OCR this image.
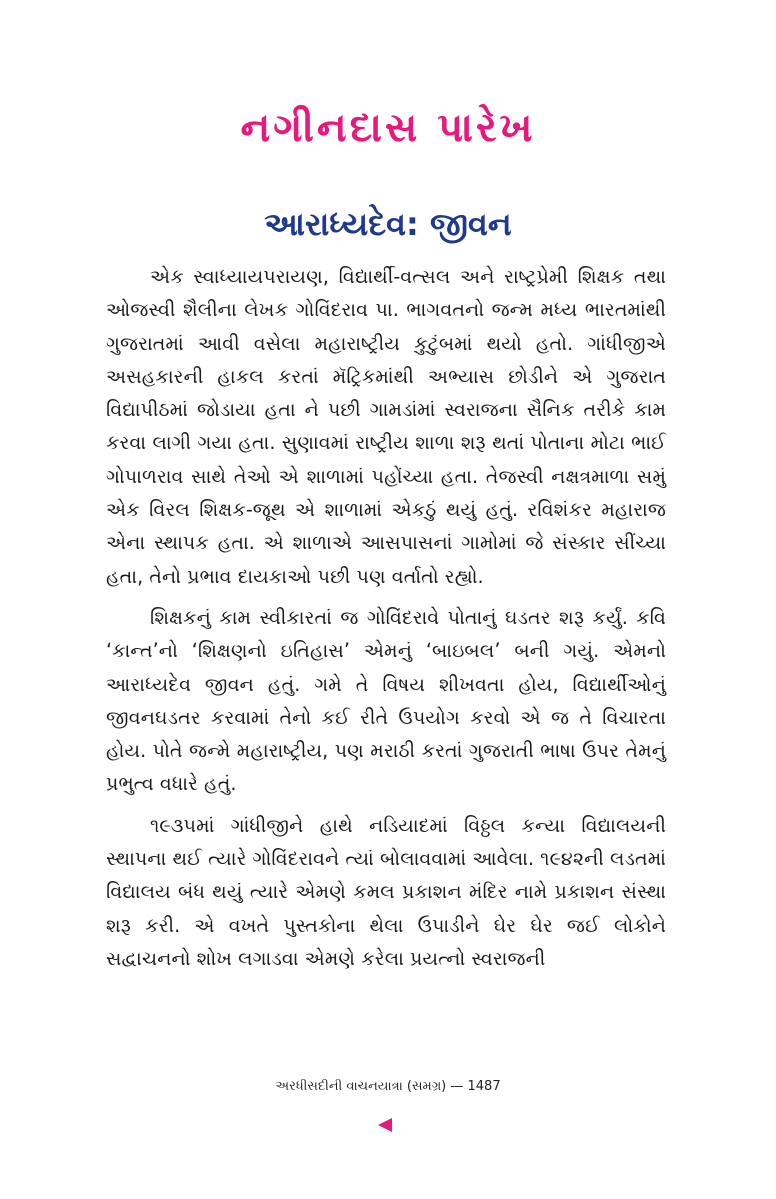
નગીનદાસ પારેખ
આરાધ્યદેવ: જીવન

એક સ્વાધ્યાયપરાયણ, વિદ્યાર્થી-વત્સલ અને રાષ્ટ્રપ્રેમી શિક્ષક તથા ઓજસ્વી શૈલીના લેખક ગોવિંદરાવ પા. ભાગવતનો જન્મ મધ્ય ભારતમાંથી ગુજરાતમાં આવી વસેલા મહારાષ્ટ્રીય કુટુંબમાં થયો હતો. ગાંધીજીએ અસહકારની હાકલ કરતાં મૅટ્રિકમાંથી અભ્યાસ છોડીને એ ગુજરાત વિદ્યાપીઠમાં જોડાયા હતા ને પછી ગામડાંમાં સ્વરાજના સૈનિક તરીકે કામ કરવા લાગી ગયા હતા. સુણાવમાં રાષ્ટ્રીય શાળા શરૂ થતાં પોતાના મોટા ભાઈ ગોપાળરાવ સાથે તેઓ એ શાળામાં પહોંચ્યા હતા. તેજસ્વી નક્ષત્રમાળા સમું એક વિરલ શિક્ષક-જૂથ એ શાળામાં એકઠું થયું હતું. રવિશંકર મહારાજ એના સ્થાપક હતા. એ શાળાએ આસપાસનાં ગામોમાં જે સંસ્કાર સીંચ્યા હતા, તેનો પ્રભાવ દાયકાઓ પછી પણ વર્તાતો રહ્યો.

શિક્ષકનું કામ સ્વીકારતાં જ ગોવિંદરાવે પોતાનું ઘડતર શરૂ કર્યું. કવિ ‘કાન્ત’નો ‘શિક્ષણનો ઇતિહાસ’ એમનું ‘બાઇબલ’ બની ગયું. એમનો આરાધ્યદેવ જીવન હતું. ગમે તે વિષય શીખવતા હોય, વિદ્યાર્થીઓનું જીવનઘડતર કરવામાં તેનો કઈ રીતે ઉપયોગ કરવો એ જ તે વિચારતા હોય. પોતે જન્મે મહારાષ્ટ્રીય, પણ મરાઠી કરતાં ગુજરાતી ભાષા ઉપર તેમનું પ્રભુત્વ વધારે હતું.

૧૯૩૫માં ગાંધીજીને હાથે નડિયાદમાં વિઠ્ઠલ કન્યા વિદ્યાલયની સ્થાપના થઈ ત્યારે ગોવિંદરાવને ત્યાં બોલાવવામાં આવેલા. ૧૯૪૨ની લડતમાં વિદ્યાલય બંધ થયું ત્યારે એમણે કમલ પ્રકાશન મંદિર નામે પ્રકાશન સંસ્થા શરૂ કરી. એ વખતે પુસ્તકોના થેલા ઉપાડીને ઘેર ઘેર જઈ લોકોને સદ્વાચનનો શોખ લગાડવા એમણે કરેલા પ્રયત્નો સ્વરાજની

અરધીસદીની વાચનયાત્રા (સમગ્ર) — 1487
